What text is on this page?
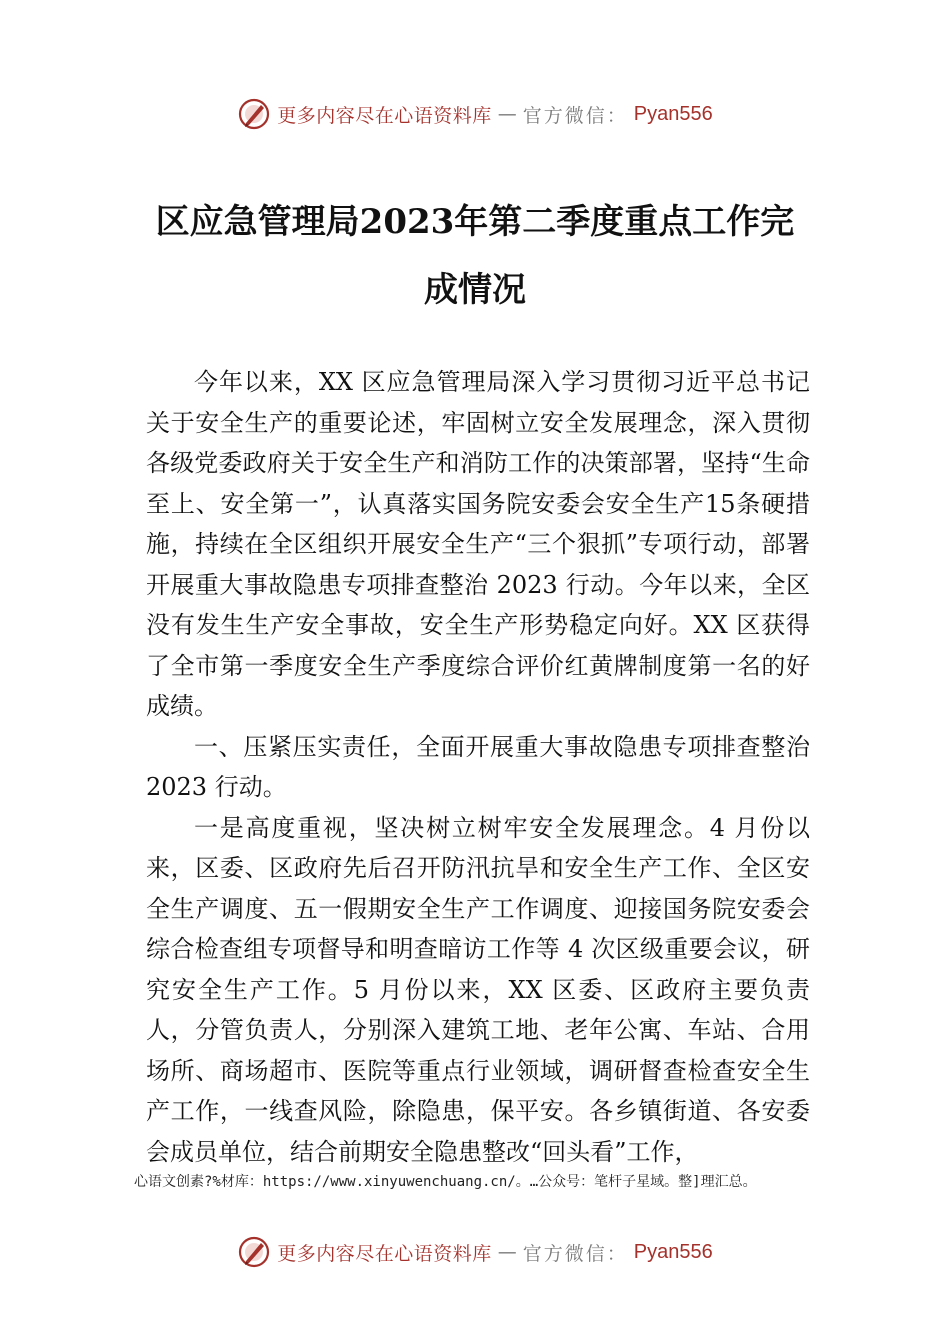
更多内容尽在心语资料库 — 官方微信： Pyan556
区应急管理局2023年第二季度重点工作完
成情况

今年以来，XX 区应急管理局深入学习贯彻习近平总书记关于安全生产的重要论述，牢固树立安全发展理念，深入贯彻各级党委政府关于安全生产和消防工作的决策部署，坚持“生命至上、安全第一”，认真落实国务院安委会安全生产15条硬措施，持续在全区组织开展安全生产“三个狠抓”专项行动，部署开展重大事故隐患专项排查整治 2023 行动。今年以来，全区没有发生生产安全事故，安全生产形势稳定向好。XX 区获得了全市第一季度安全生产季度综合评价红黄牌制度第一名的好成绩。

一、压紧压实责任，全面开展重大事故隐患专项排查整治 2023 行动。

一是高度重视，坚决树立树牢安全发展理念。4 月份以来，区委、区政府先后召开防汛抗旱和安全生产工作、全区安全生产调度、五一假期安全生产工作调度、迎接国务院安委会综合检查组专项督导和明查暗访工作等 4 次区级重要会议，研究安全生产工作。5 月份以来，XX 区委、区政府主要负责人，分管负责人，分别深入建筑工地、老年公寓、车站、合用场所、商场超市、医院等重点行业领域，调研督查检查安全生产工作，一线查风险，除隐患，保平安。各乡镇街道、各安委会成员单位，结合前期安全隐患整改“回头看”工作，

心语文创素?%材库：https://www.xinyuwenchuang.cn/。…公众号：笔杆子星域。整]理汇总。
更多内容尽在心语资料库 — 官方微信： Pyan556
